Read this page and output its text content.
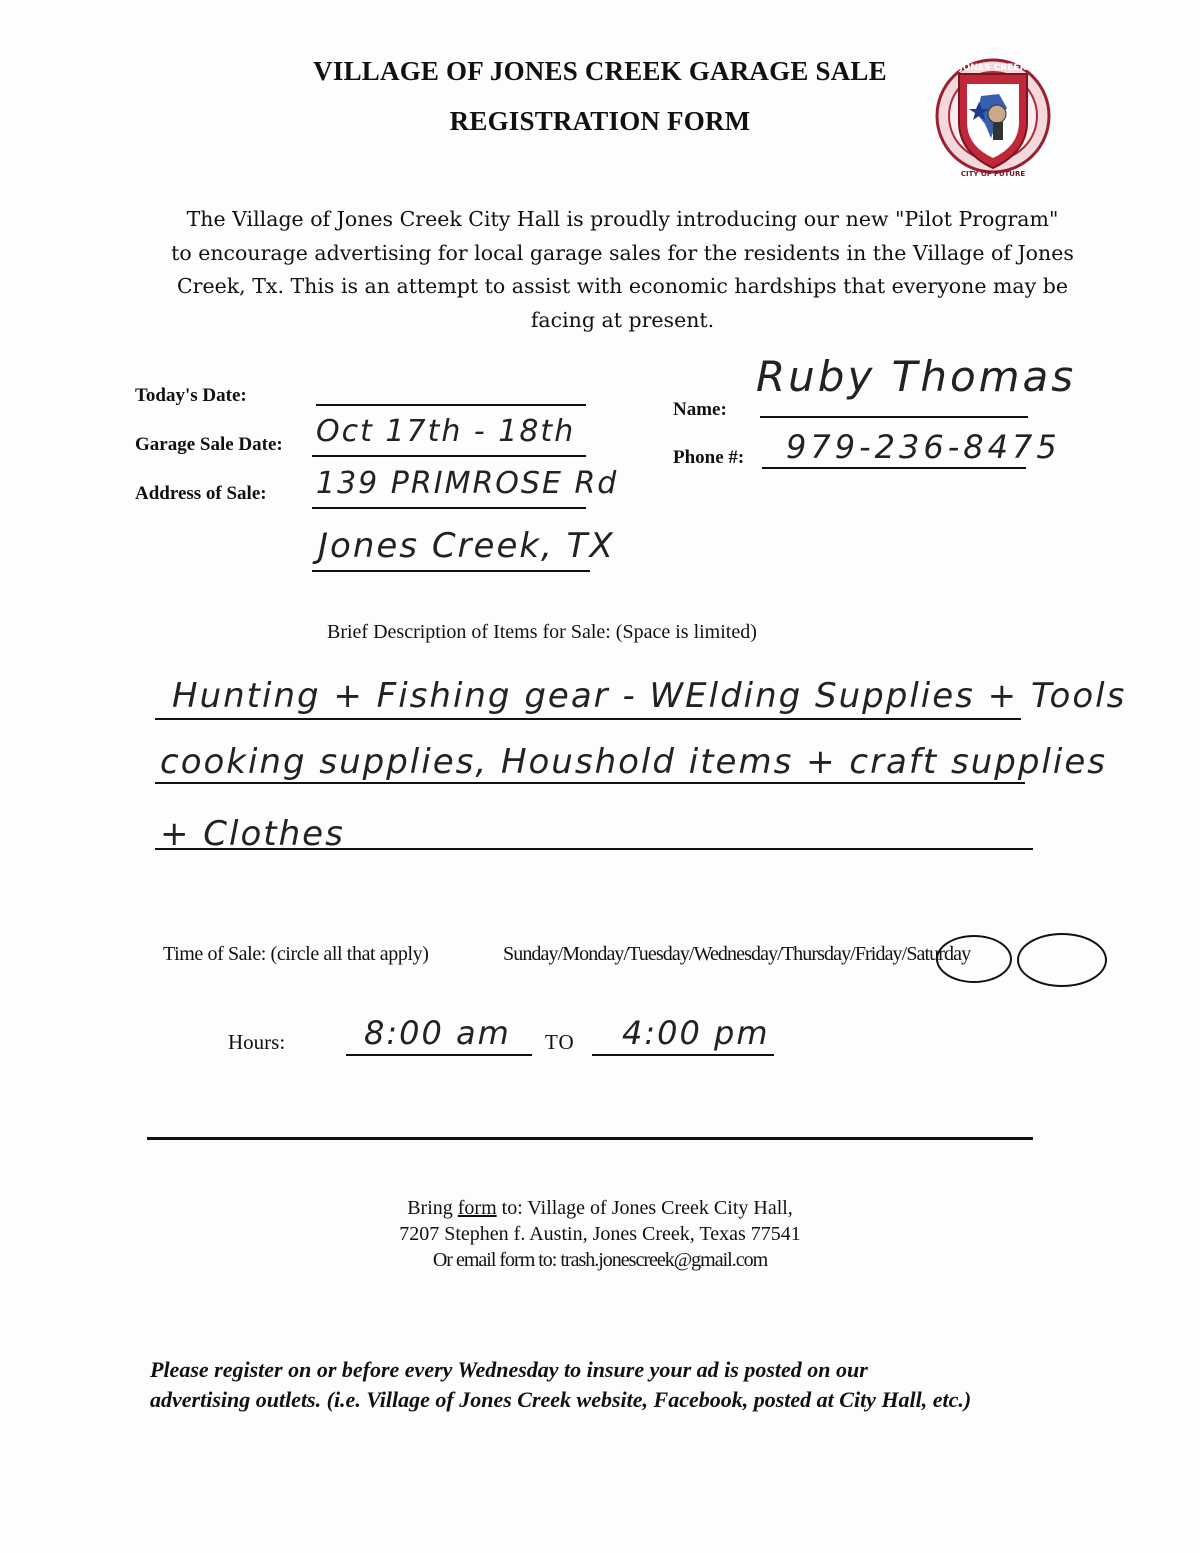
VILLAGE OF JONES CREEK GARAGE SALE
REGISTRATION FORM
JONES CREEK
CITY OF FUTURE
The Village of Jones Creek City Hall is proudly introducing our new "Pilot Program"
to encourage advertising for local garage sales for the residents in the Village of Jones
Creek, Tx. This is an attempt to assist with economic hardships that everyone may be
facing at present.
Today's Date:
Garage Sale Date: Oct 17th - 18th
Address of Sale: 139 PRIMROSE Rd
Jones Creek, TX
Name:
Ruby Thomas
Phone #: 979-236-8475
Brief Description of Items for Sale: (Space is limited)
Hunting + Fishing gear - WElding Supplies + Tools
cooking supplies, Houshold items + craft supplies
+ Clothes
Time of Sale: (circle all that apply)	Sunday/Monday/Tuesday/Wednesday/Thursday/Friday/Saturday
Hours: 8:00 am TO 4:00 pm
Bring form to: Village of Jones Creek City Hall,
7207 Stephen f. Austin, Jones Creek, Texas 77541
Or email form to: trash.jonescreek@gmail.com
Please register on or before every Wednesday to insure your ad is posted on our
advertising outlets. (i.e. Village of Jones Creek website, Facebook, posted at City Hall, etc.)
